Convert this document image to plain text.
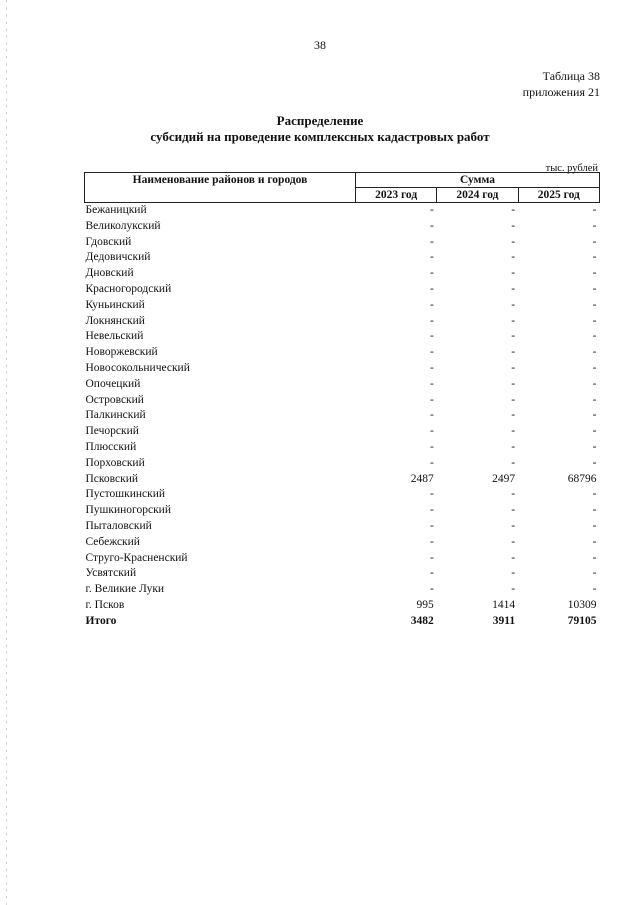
38
Таблица 38
приложения 21
Распределение
субсидий на проведение комплексных кадастровых работ
тыс. рублей
Наименование районов и городов	Сумма		
	2023 год	2024 год	2025 год
Бежаницкий	-	-	-
Великолукский	-	-	-
Гдовский	-	-	-
Дедовичский	-	-	-
Дновский	-	-	-
Красногородский	-	-	-
Куньинский	-	-	-
Локнянский	-	-	-
Невельский	-	-	-
Новоржевский	-	-	-
Новосокольнический	-	-	-
Опочецкий	-	-	-
Островский	-	-	-
Палкинский	-	-	-
Печорский	-	-	-
Плюсский	-	-	-
Порховский	-	-	-
Псковский	2487	2497	68796
Пустошкинский	-	-	-
Пушкиногорский	-	-	-
Пыталовский	-	-	-
Себежский	-	-	-
Струго-Красненский	-	-	-
Усвятский	-	-	-
г. Великие Луки	-	-	-
г. Псков	995	1414	10309
Итого	3482	3911	79105
